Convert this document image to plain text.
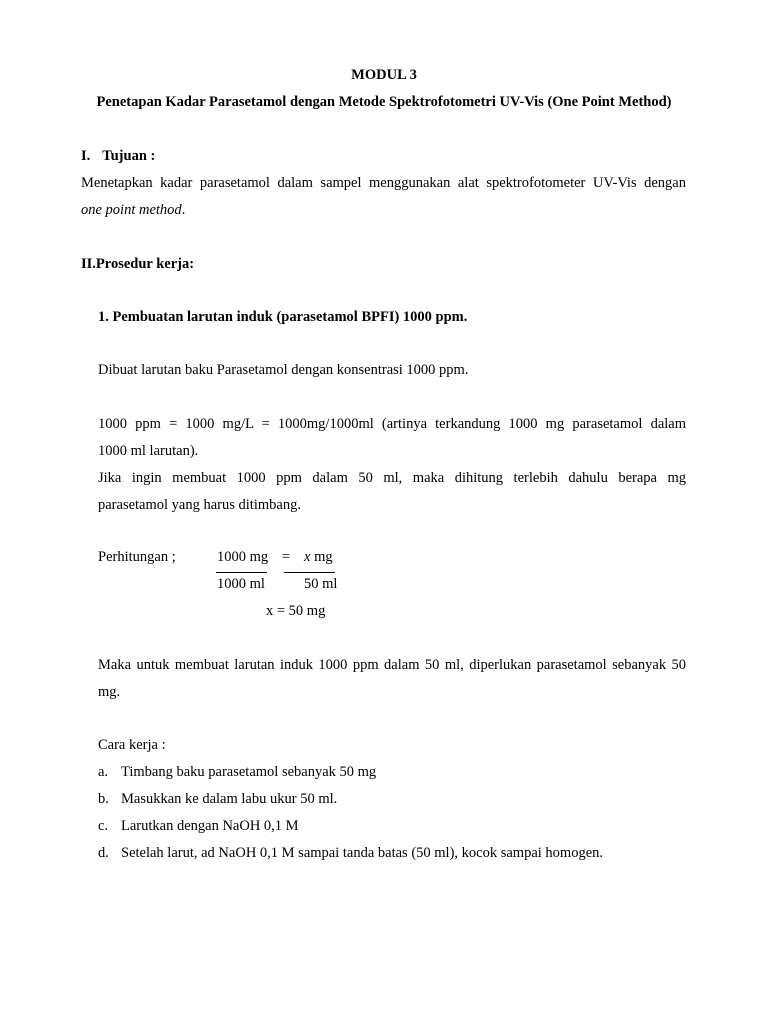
MODUL 3
Penetapan Kadar Parasetamol dengan Metode Spektrofotometri UV-Vis (One Point Method)
I. Tujuan :
Menetapkan kadar parasetamol dalam sampel menggunakan alat spektrofotometer UV-Vis dengan
one point method.
II.Prosedur kerja:
1. Pembuatan larutan induk (parasetamol BPFI) 1000 ppm.
Dibuat larutan baku Parasetamol dengan konsentrasi 1000 ppm.
1000 ppm = 1000 mg/L = 1000mg/1000ml (artinya terkandung 1000 mg parasetamol dalam
1000 ml larutan).
Jika ingin membuat 1000 ppm dalam 50 ml, maka dihitung terlebih dahulu berapa mg
parasetamol yang harus ditimbang.
Perhitungan ;	1000 mg = x mg
1000 ml	50 ml
x = 50 mg
Maka untuk membuat larutan induk 1000 ppm dalam 50 ml, diperlukan parasetamol sebanyak 50
mg.
Cara kerja :
a. Timbang baku parasetamol sebanyak 50 mg
b. Masukkan ke dalam labu ukur 50 ml.
c. Larutkan dengan NaOH 0,1 M
d. Setelah larut, ad NaOH 0,1 M sampai tanda batas (50 ml), kocok sampai homogen.
